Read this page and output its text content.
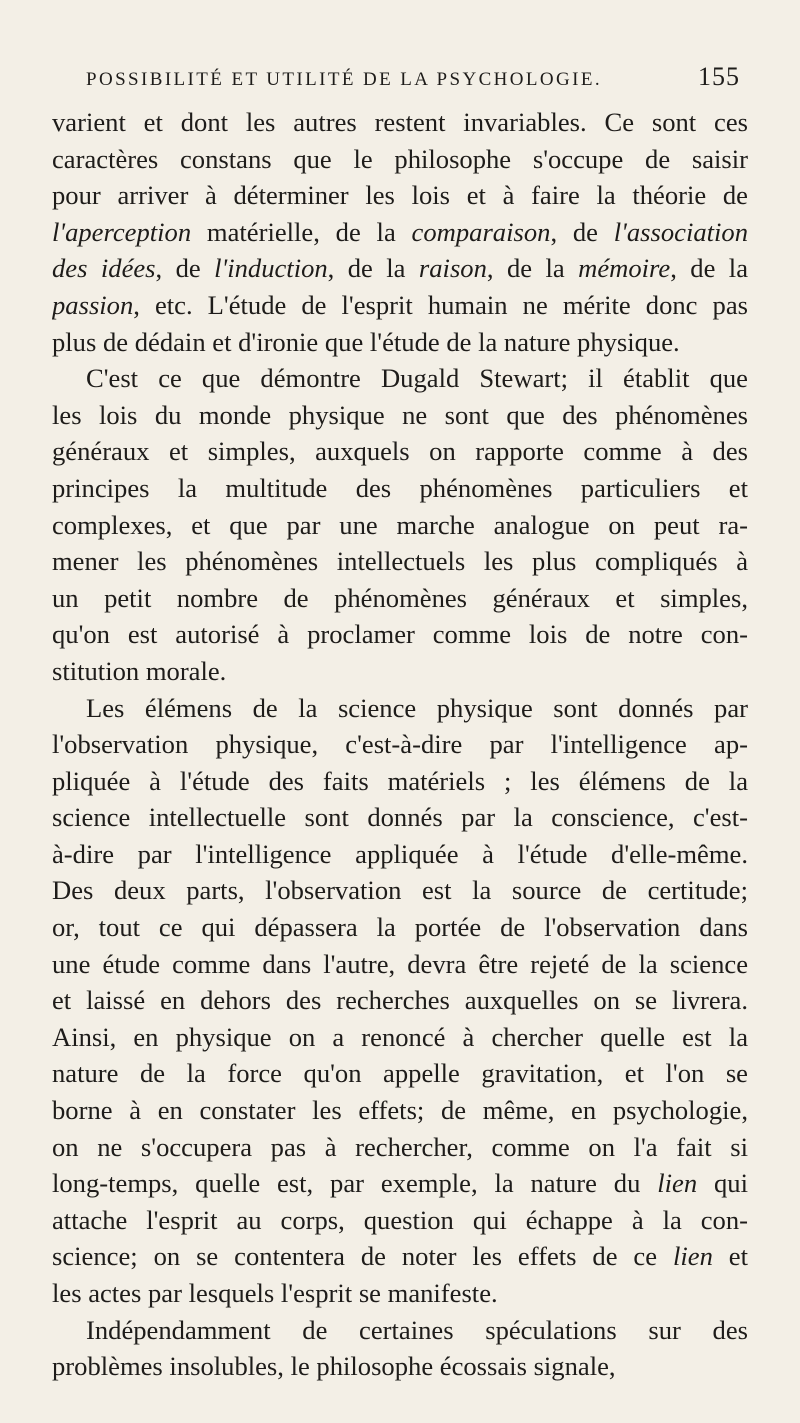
POSSIBILITÉ ET UTILITÉ DE LA PSYCHOLOGIE.	155

varient et dont les autres restent invariables. Ce sont ces
caractères constans que le philosophe s'occupe de saisir
pour arriver à déterminer les lois et à faire la théorie de
l'aperception matérielle, de la comparaison, de l'association
des idées, de l'induction, de la raison, de la mémoire, de la
passion, etc. L'étude de l'esprit humain ne mérite donc pas
plus de dédain et d'ironie que l'étude de la nature physique.

C'est ce que démontre Dugald Stewart; il établit que
les lois du monde physique ne sont que des phénomènes
généraux et simples, auxquels on rapporte comme à des
principes la multitude des phénomènes particuliers et
complexes, et que par une marche analogue on peut ra-
mener les phénomènes intellectuels les plus compliqués à
un petit nombre de phénomènes généraux et simples,
qu'on est autorisé à proclamer comme lois de notre con-
stitution morale.

Les élémens de la science physique sont donnés par
l'observation physique, c'est-à-dire par l'intelligence ap-
pliquée à l'étude des faits matériels ; les élémens de la
science intellectuelle sont donnés par la conscience, c'est-
à-dire par l'intelligence appliquée à l'étude d'elle-même.
Des deux parts, l'observation est la source de certitude;
or, tout ce qui dépassera la portée de l'observation dans
une étude comme dans l'autre, devra être rejeté de la science
et laissé en dehors des recherches auxquelles on se livrera.
Ainsi, en physique on a renoncé à chercher quelle est la
nature de la force qu'on appelle gravitation, et l'on se
borne à en constater les effets; de même, en psychologie,
on ne s'occupera pas à rechercher, comme on l'a fait si
long-temps, quelle est, par exemple, la nature du lien qui
attache l'esprit au corps, question qui échappe à la con-
science; on se contentera de noter les effets de ce lien et
les actes par lesquels l'esprit se manifeste.

Indépendamment de certaines spéculations sur des
problèmes insolubles, le philosophe écossais signale,
